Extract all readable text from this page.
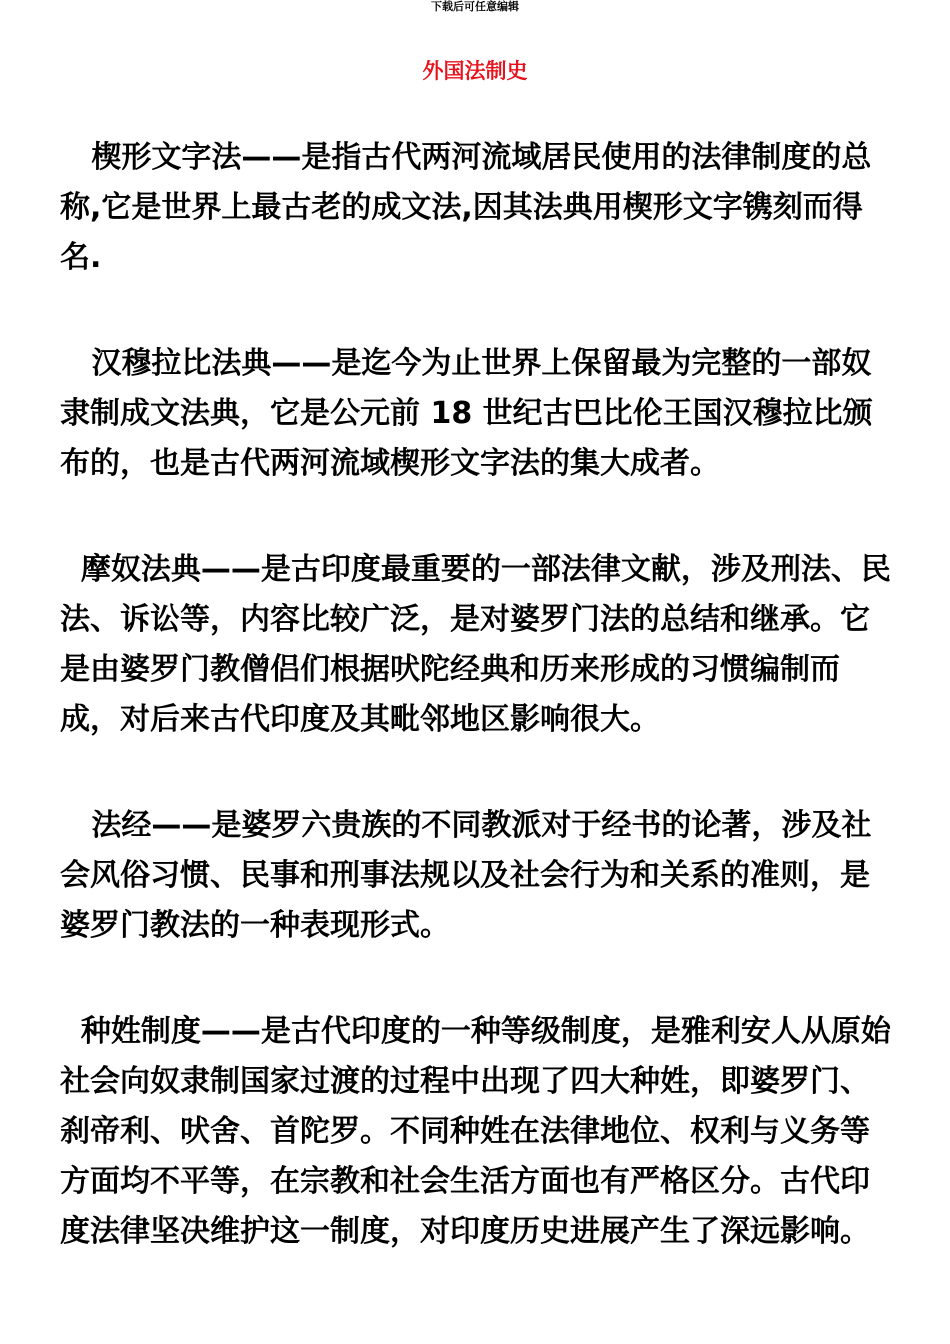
下载后可任意编辑
外国法制史

楔形文字法——是指古代两河流域居民使用的法律制度的总称,它是世界上最古老的成文法,因其法典用楔形文字镌刻而得名.

汉穆拉比法典——是迄今为止世界上保留最为完整的一部奴隶制成文法典，它是公元前 18 世纪古巴比伦王国汉穆拉比颁布的，也是古代两河流域楔形文字法的集大成者。

摩奴法典——是古印度最重要的一部法律文献，涉及刑法、民法、诉讼等，内容比较广泛，是对婆罗门法的总结和继承。它是由婆罗门教僧侣们根据吠陀经典和历来形成的习惯编制而成，对后来古代印度及其毗邻地区影响很大。

法经——是婆罗六贵族的不同教派对于经书的论著，涉及社会风俗习惯、民事和刑事法规以及社会行为和关系的准则，是婆罗门教法的一种表现形式。

种姓制度——是古代印度的一种等级制度，是雅利安人从原始社会向奴隶制国家过渡的过程中出现了四大种姓，即婆罗门、刹帝利、吠舍、首陀罗。不同种姓在法律地位、权利与义务等方面均不平等，在宗教和社会生活方面也有严格区分。古代印度法律坚决维护这一制度，对印度历史进展产生了深远影响。
